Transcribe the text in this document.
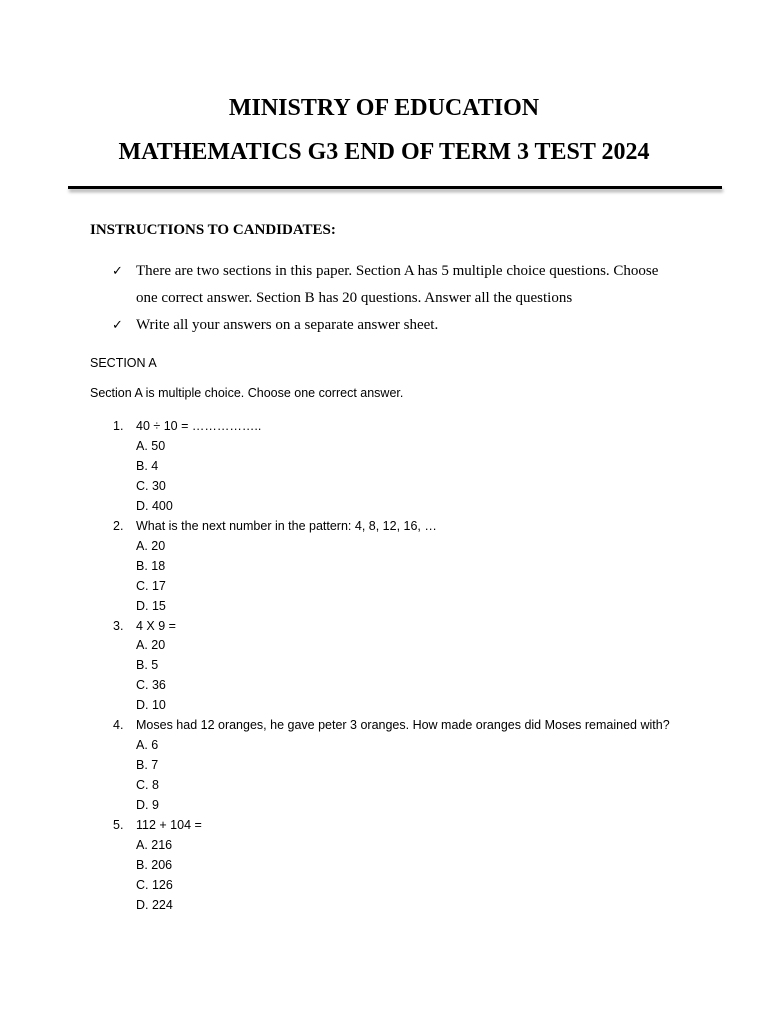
MINISTRY OF EDUCATION
MATHEMATICS G3 END OF TERM 3 TEST 2024

INSTRUCTIONS TO CANDIDATES:

✓ There are two sections in this paper. Section A has 5 multiple choice questions. Choose one correct answer. Section B has 20 questions. Answer all the questions
✓ Write all your answers on a separate answer sheet.

SECTION A

Section A is multiple choice. Choose one correct answer.

1. 40 ÷ 10 = ……………..
A. 50
B. 4
C. 30
D. 400
2. What is the next number in the pattern: 4, 8, 12, 16, …
A. 20
B. 18
C. 17
D. 15
3. 4 X 9 =
A. 20
B. 5
C. 36
D. 10
4. Moses had 12 oranges, he gave peter 3 oranges. How made oranges did Moses remained with?
A. 6
B. 7
C. 8
D. 9
5. 112 + 104 =
A. 216
B. 206
C. 126
D. 224
